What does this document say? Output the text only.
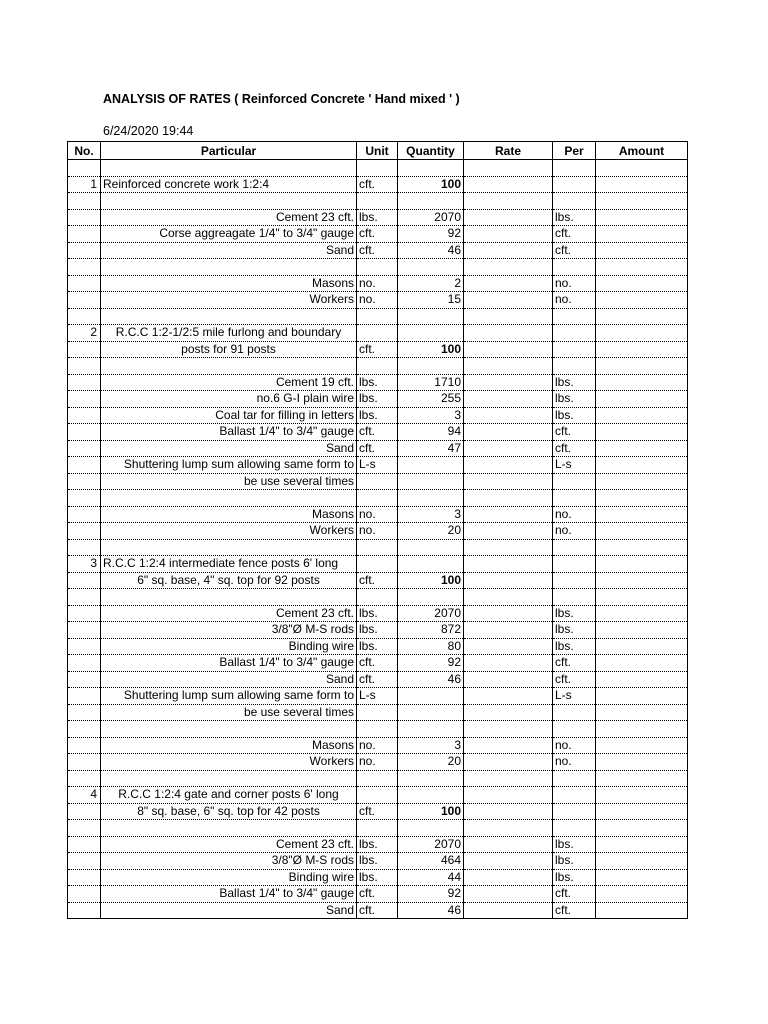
ANALYSIS OF RATES ( Reinforced Concrete ' Hand mixed ' )
6/24/2020 19:44
No.	Particular	Unit	Quantity	Rate	Per	Amount

1	Reinforced concrete work 1:2:4	cft.	100			

	Cement 23 cft.	lbs.	2070		lbs.	
	Corse aggreagate 1/4" to 3/4" gauge	cft.	92		cft.	
	Sand	cft.	46		cft.	

	Masons	no.	2		no.	
	Workers	no.	15		no.	

2	R.C.C 1:2-1/2:5 mile furlong and boundary					
	posts for 91 posts	cft.	100			

	Cement 19 cft.	lbs.	1710		lbs.	
	no.6 G-I plain wire	lbs.	255		lbs.	
	Coal tar for filling in letters	lbs.	3		lbs.	
	Ballast 1/4" to 3/4" gauge	cft.	94		cft.	
	Sand	cft.	47		cft.	
	Shuttering lump sum allowing same form to	L-s			L-s	
	be use several times					

	Masons	no.	3		no.	
	Workers	no.	20		no.	

3	R.C.C 1:2:4 intermediate fence posts 6' long					
	6" sq. base, 4" sq. top for 92 posts	cft.	100			

	Cement 23 cft.	lbs.	2070		lbs.	
	3/8"Ø M-S rods	lbs.	872		lbs.	
	Binding wire	lbs.	80		lbs.	
	Ballast 1/4" to 3/4" gauge	cft.	92		cft.	
	Sand	cft.	46		cft.	
	Shuttering lump sum allowing same form to	L-s			L-s	
	be use several times					

	Masons	no.	3		no.	
	Workers	no.	20		no.	

4	R.C.C 1:2:4 gate and corner posts 6' long					
	8" sq. base, 6" sq. top for 42 posts	cft.	100			

	Cement 23 cft.	lbs.	2070		lbs.	
	3/8"Ø M-S rods	lbs.	464		lbs.	
	Binding wire	lbs.	44		lbs.	
	Ballast 1/4" to 3/4" gauge	cft.	92		cft.	
	Sand	cft.	46		cft.	
